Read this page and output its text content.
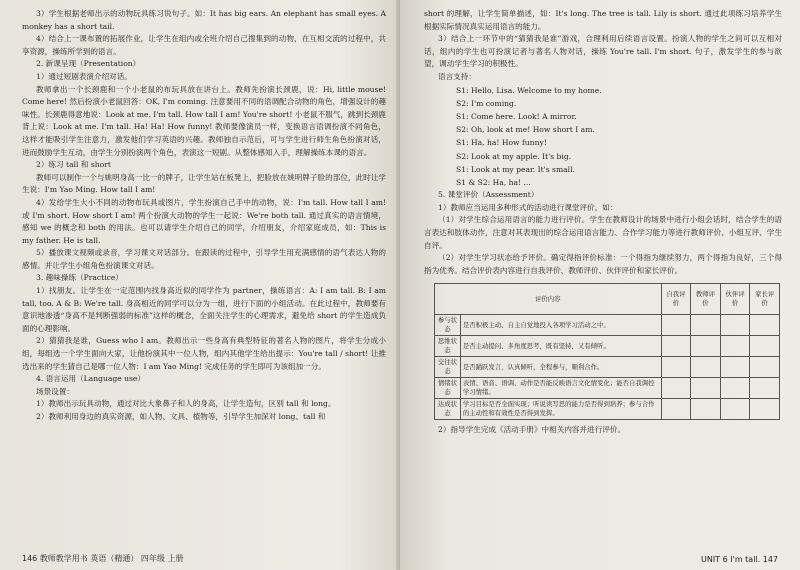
3）学生根据老师出示的动物玩具练习说句子。如：It has big ears. An elephant has small eyes. A monkey has a short tail.

4）结合上一课布置的拓展作业，让学生在组内或全班介绍自己搜集到的动物，在互相交流的过程中，共享资源，操练所学到的语言。

2. 新课呈现（Presentation）

1）通过短剧表演介绍对话。

教师拿出一个长颈鹿和一个小老鼠的布玩具放在讲台上。教师先扮演长颈鹿，说：Hi, little mouse! Come here! 然后扮演小老鼠回答：OK, I'm coming. 注意要用不同的语调配合动物的角色，增强设计的趣味性。长颈鹿得意地说：Look at me. I'm tall. How tall I am! You're short! 小老鼠不服气，跳到长颈鹿背上说：Look at me. I'm tall. Ha! Ha! How funny! 教师要像演员一样，变换语言语调扮演不同角色，这样才能吸引学生注意力，激发他们学习英语的兴趣。教师独自示范后，可与学生进行师生角色扮演对话，进而鼓励学生互动，由学生分别扮演两个角色，表演这一短剧。从整体感知入手，理解操练本课的语言。

2）练习 tall 和 short

教师可以制作一个与姚明身高一比一的牌子，让学生站在板凳上，把脸放在姚明牌子脸的部位，此时让学生说：I'm Yao Ming. How tall I am!

4）发给学生大小不同的动物布玩具或图片，学生扮演自己手中的动物，说：I'm tall. How tall I am! 或 I'm short. How short I am! 两个扮演大动物的学生一起说：We're both tall. 通过真实的语言情境，感知 we 的概念和 both 的用法。也可以请学生介绍自己的同学，介绍朋友，介绍家庭成员，如：This is my father. He is tall.

5）播放课文视频或录音，学习课文对话部分。在跟读的过程中，引导学生用充满感情的语气表达人物的感情。并让学生小组角色扮演课文对话。

3. 趣味操练（Practice）

1）找朋友。让学生在一定范围内找身高近似的同学作为 partner，操练语言：A: I am tall. B: I am tall, too. A & B: We're tall. 身高相近的同学可以分为一组，进行下面的小组活动。在此过程中，教师要有意识地渗透“身高不是判断强弱的标准”这样的概念，全面关注学生的心理需求，避免给 short 的学生造成负面的心理影响。

2）猜猜我是谁，Guess who I am。教师出示一些身高有典型特征的著名人物的图片，将学生分成小组，每组选一个学生面向大家，让他扮演其中一位人物，组内其他学生给出提示：You're tall / short! 让推选出来的学生猜自己是哪一位人物：I am Yao Ming! 完成任务的学生即可为该组加一分。

4. 语言运用（Language use）

场景设置：

1）教师出示玩具动物，通过对比大象鼻子和人的身高，让学生造句，区别 tall 和 long。

2）教师利用身边的真实资源，如人物、文具、植物等，引导学生加深对 long、tall 和

146 教师教学用书 英语（精通） 四年级 上册

short 的理解，让学生简单描述，如：It's long. The tree is tall. Lily is short. 通过此项练习培养学生根据实际情况真实运用语言的能力。

3）结合上一环节中的“猜猜我是谁”游戏，合理利用后续语言设置。扮演人物的学生之间可以互相对话，组内的学生也可扮演记者与著名人物对话，操练 You're tall. I'm short. 句子，激发学生的参与欲望，调动学生学习的积极性。

语言支持：

S1: Hello, Lisa. Welcome to my home.
S2: I'm coming.
S1: Come here. Look! A mirror.
S2: Oh, look at me! How short I am.
S1: Ha, ha! How funny!
S2: Look at my apple. It's big.
S1: Look at my pear. It's small.
S1 & S2: Ha, ha! ...

5. 课堂评价（Assessment）

1）教师应当运用多种形式的活动进行课堂评价，如：

（1）对学生综合运用语言的能力进行评价。学生在教师设计的场景中进行小组会话时，结合学生的语言表达和肢体动作，注意对其表现出的综合运用语言能力、合作学习能力等进行教师评价、小组互评、学生自评。

（2）对学生学习状态给予评价。确定得指评价标准：一个得指为继续努力，两个得指为良好，三个得指为优秀。结合评价表内容进行自我评价、教师评价、伙伴评价和家长评价。

评价内容		自我评价	教师评价	伙伴评价	家长评价
参与状态	是否积极主动、自主自觉地投入各项学习活动之中。				
思维状态	是否主动提问、多角度思考，既有坚持，又有倾听。				
交往状态	是否踊跃发言，认真倾听，全程参与，顺利合作。				
情绪状态	表情、语音、语调、动作是否能反映语言文化情变化；能否自我调控学习情绪。				
达成状态	学习目标是否全面实现；听说读写思的能力是否得到培养；参与合作的主动性和有效性是否得到发挥。				

2）指导学生完成《活动手册》中相关内容并进行评价。

UNIT 6 I'm tall. 147
